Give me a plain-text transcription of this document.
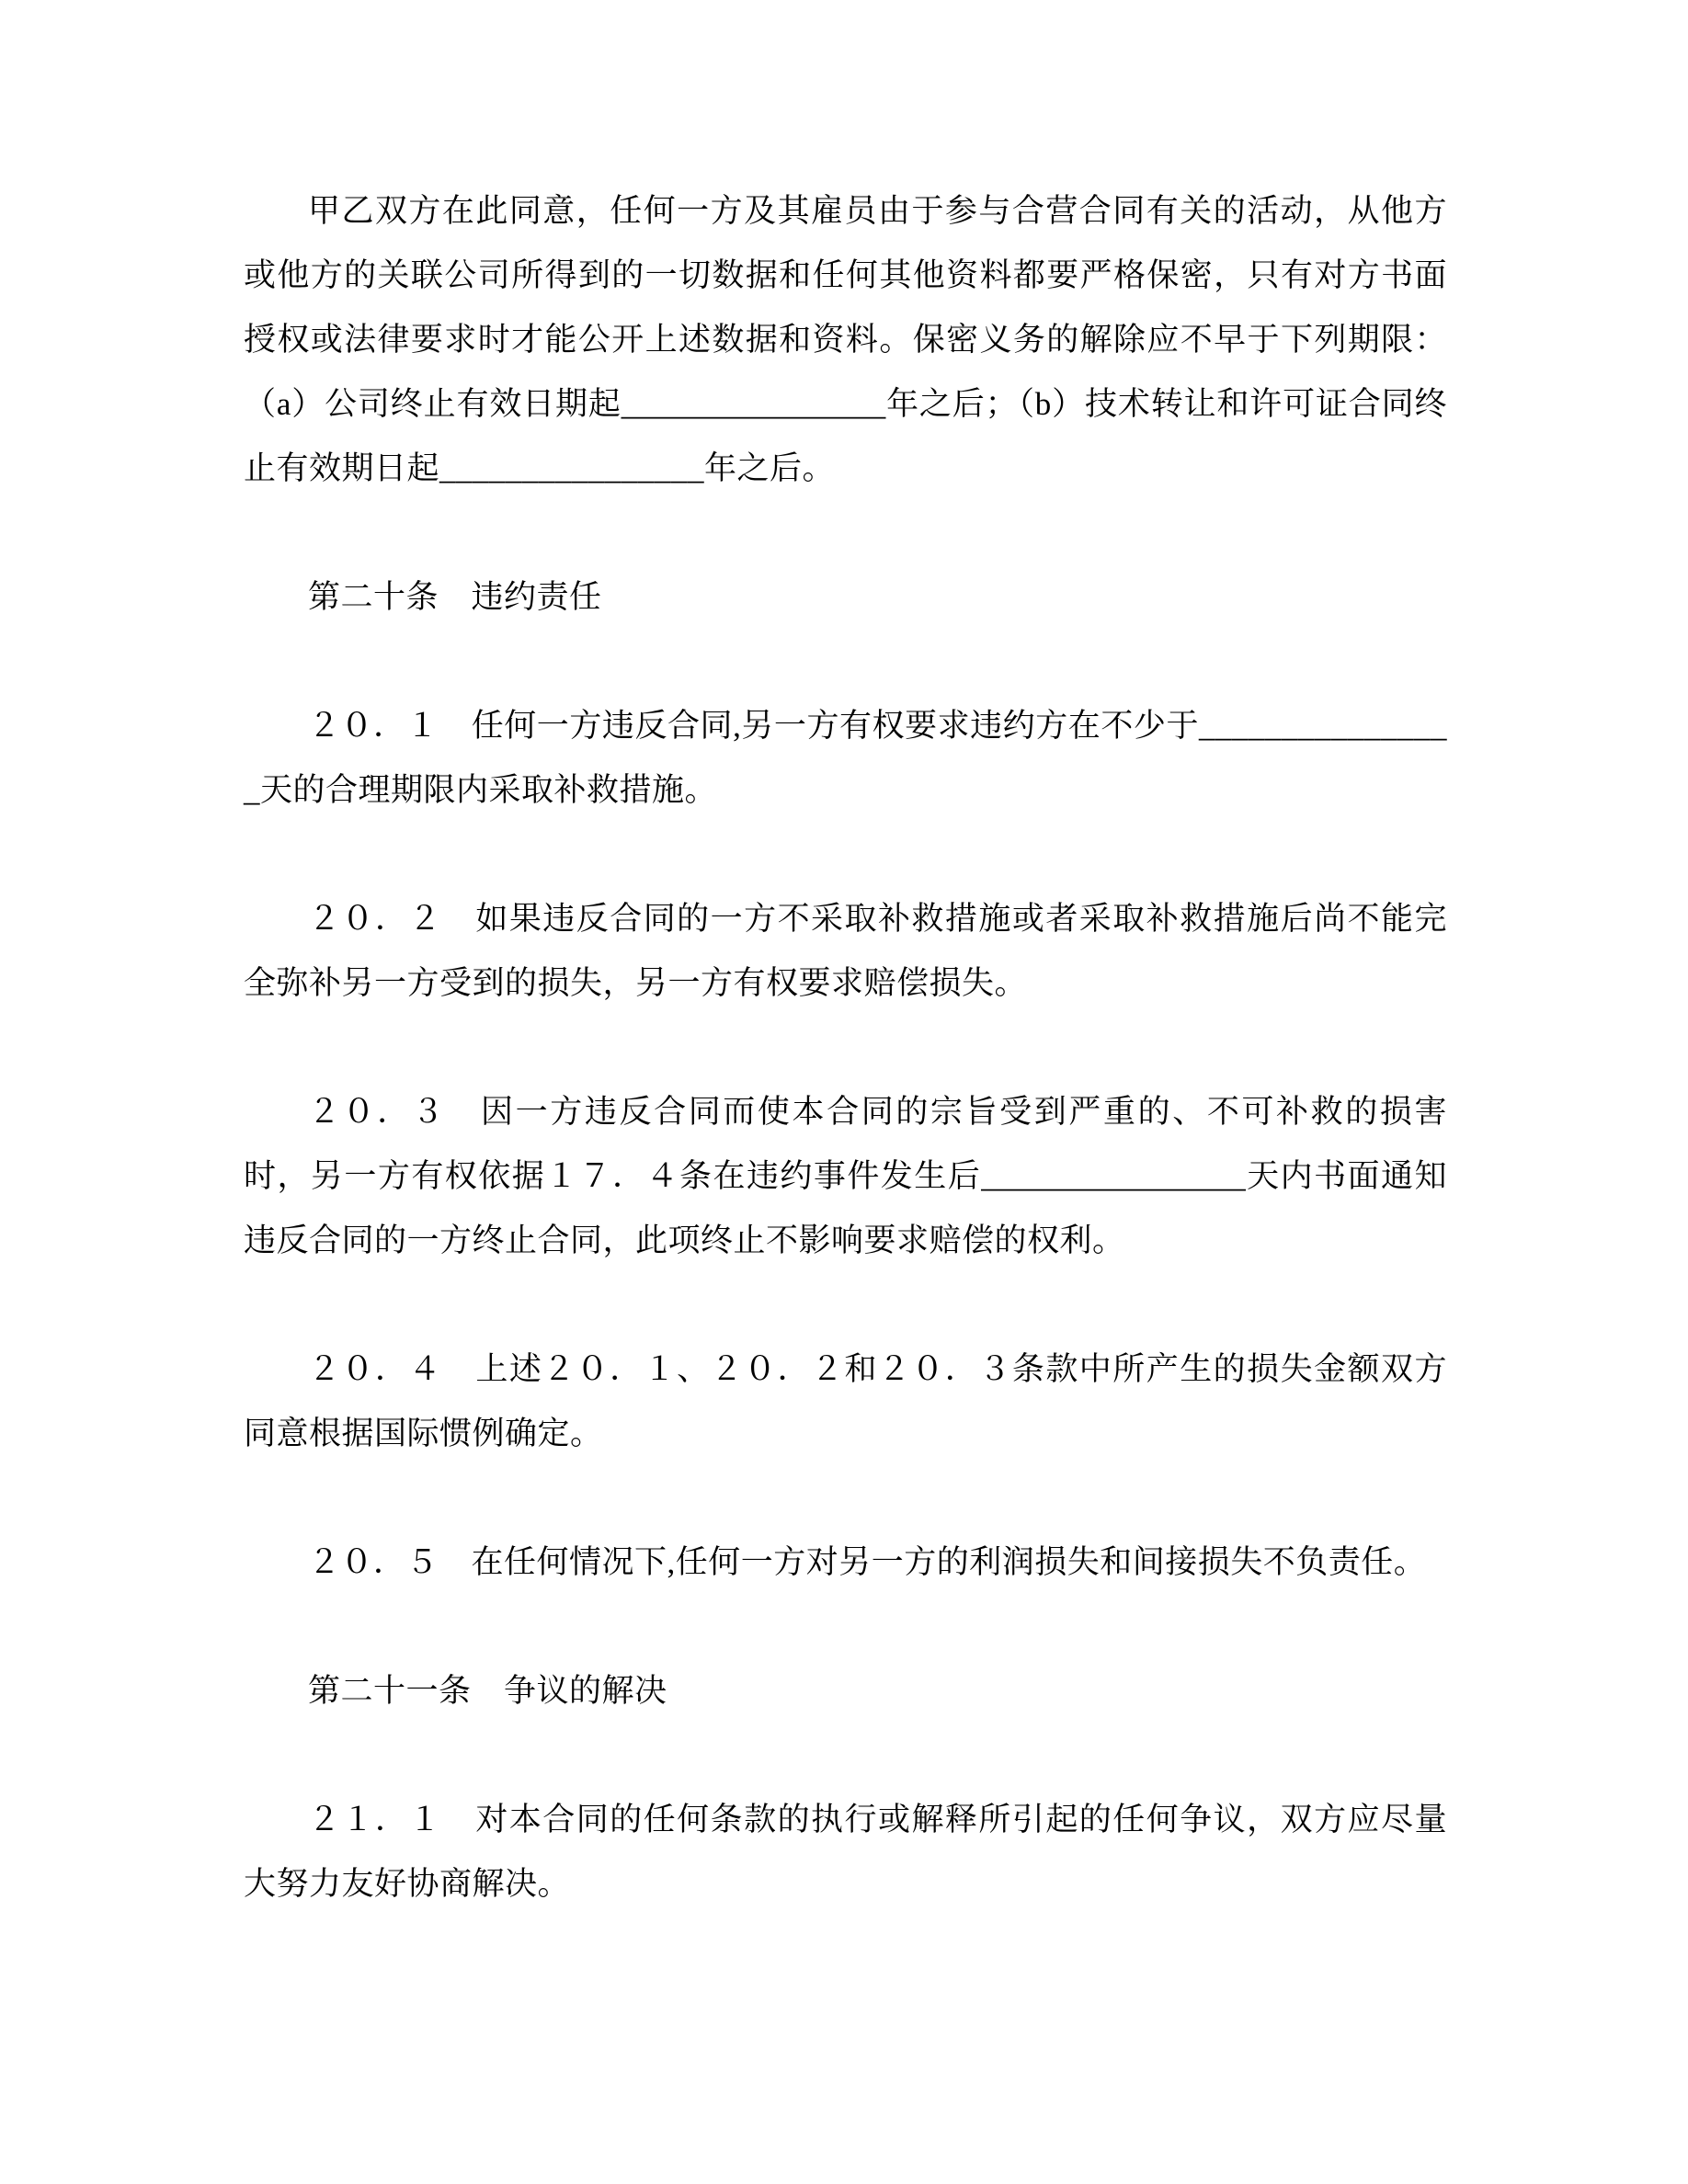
甲乙双方在此同意，任何一方及其雇员由于参与合营合同有关的活动，从他方或他方的关联公司所得到的一切数据和任何其他资料都要严格保密，只有对方书面授权或法律要求时才能公开上述数据和资料。保密义务的解除应不早于下列期限：（a）公司终止有效日期起________________年之后；（b）技术转让和许可证合同终止有效期日起________________年之后。

第二十条　违约责任

２０．１　任何一方违反合同,另一方有权要求违约方在不少于________________天的合理期限内采取补救措施。

２０．２　如果违反合同的一方不采取补救措施或者采取补救措施后尚不能完全弥补另一方受到的损失，另一方有权要求赔偿损失。

２０．３　因一方违反合同而使本合同的宗旨受到严重的、不可补救的损害时，另一方有权依据１７．４条在违约事件发生后________________天内书面通知违反合同的一方终止合同，此项终止不影响要求赔偿的权利。

２０．４　上述２０．１、２０．２和２０．３条款中所产生的损失金额双方同意根据国际惯例确定。

２０．５　在任何情况下,任何一方对另一方的利润损失和间接损失不负责任。

第二十一条　争议的解决

２１．１　对本合同的任何条款的执行或解释所引起的任何争议，双方应尽量大努力友好协商解决。
